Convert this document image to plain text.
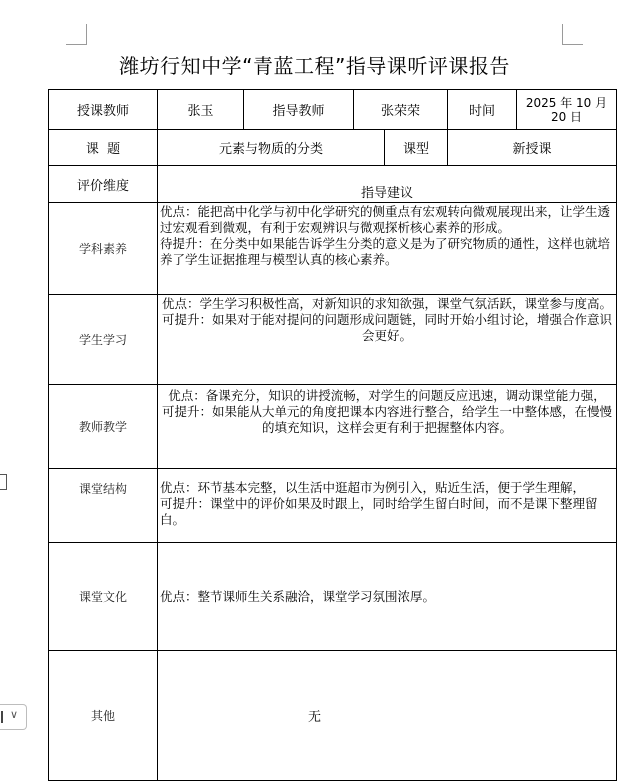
∨
潍坊行知中学“青蓝工程”指导课听评课报告
授课教师	张玉	指导教师	张荣荣		时间	2025 年 10 月 20 日
课  题	元素与物质的分类			课型	新授课	
评价维度	指导建议					
学科素养	优点：能把高中化学与初中化学研究的侧重点有宏观转向微观展现出来，让学生透过宏观看到微观，有利于宏观辨识与微观探析核心素养的形成。

待提升：在分类中如果能告诉学生分类的意义是为了研究物质的通性，这样也就培养了学生证据推理与模型认真的核心素养。					

学生学习	优点：学生学习积极性高，对新知识的求知欲强，课堂气氛活跃，课堂参与度高。

可提升：如果对于能对提问的问题形成问题链，同时开始小组讨论，增强合作意识会更好。					

教师教学	优点：备课充分，知识的讲授流畅，对学生的问题反应迅速，调动课堂能力强，

可提升：如果能从大单元的角度把课本内容进行整合，给学生一中整体感，在慢慢的填充知识，这样会更有利于把握整体内容。					

课堂结构	优点：环节基本完整，以生活中逛超市为例引入，贴近生活，便于学生理解，

可提升：课堂中的评价如果及时跟上，同时给学生留白时间，而不是课下整理留白。					

课堂文化	优点：整节课师生关系融洽，课堂学习氛围浓厚。					

其他	无					
